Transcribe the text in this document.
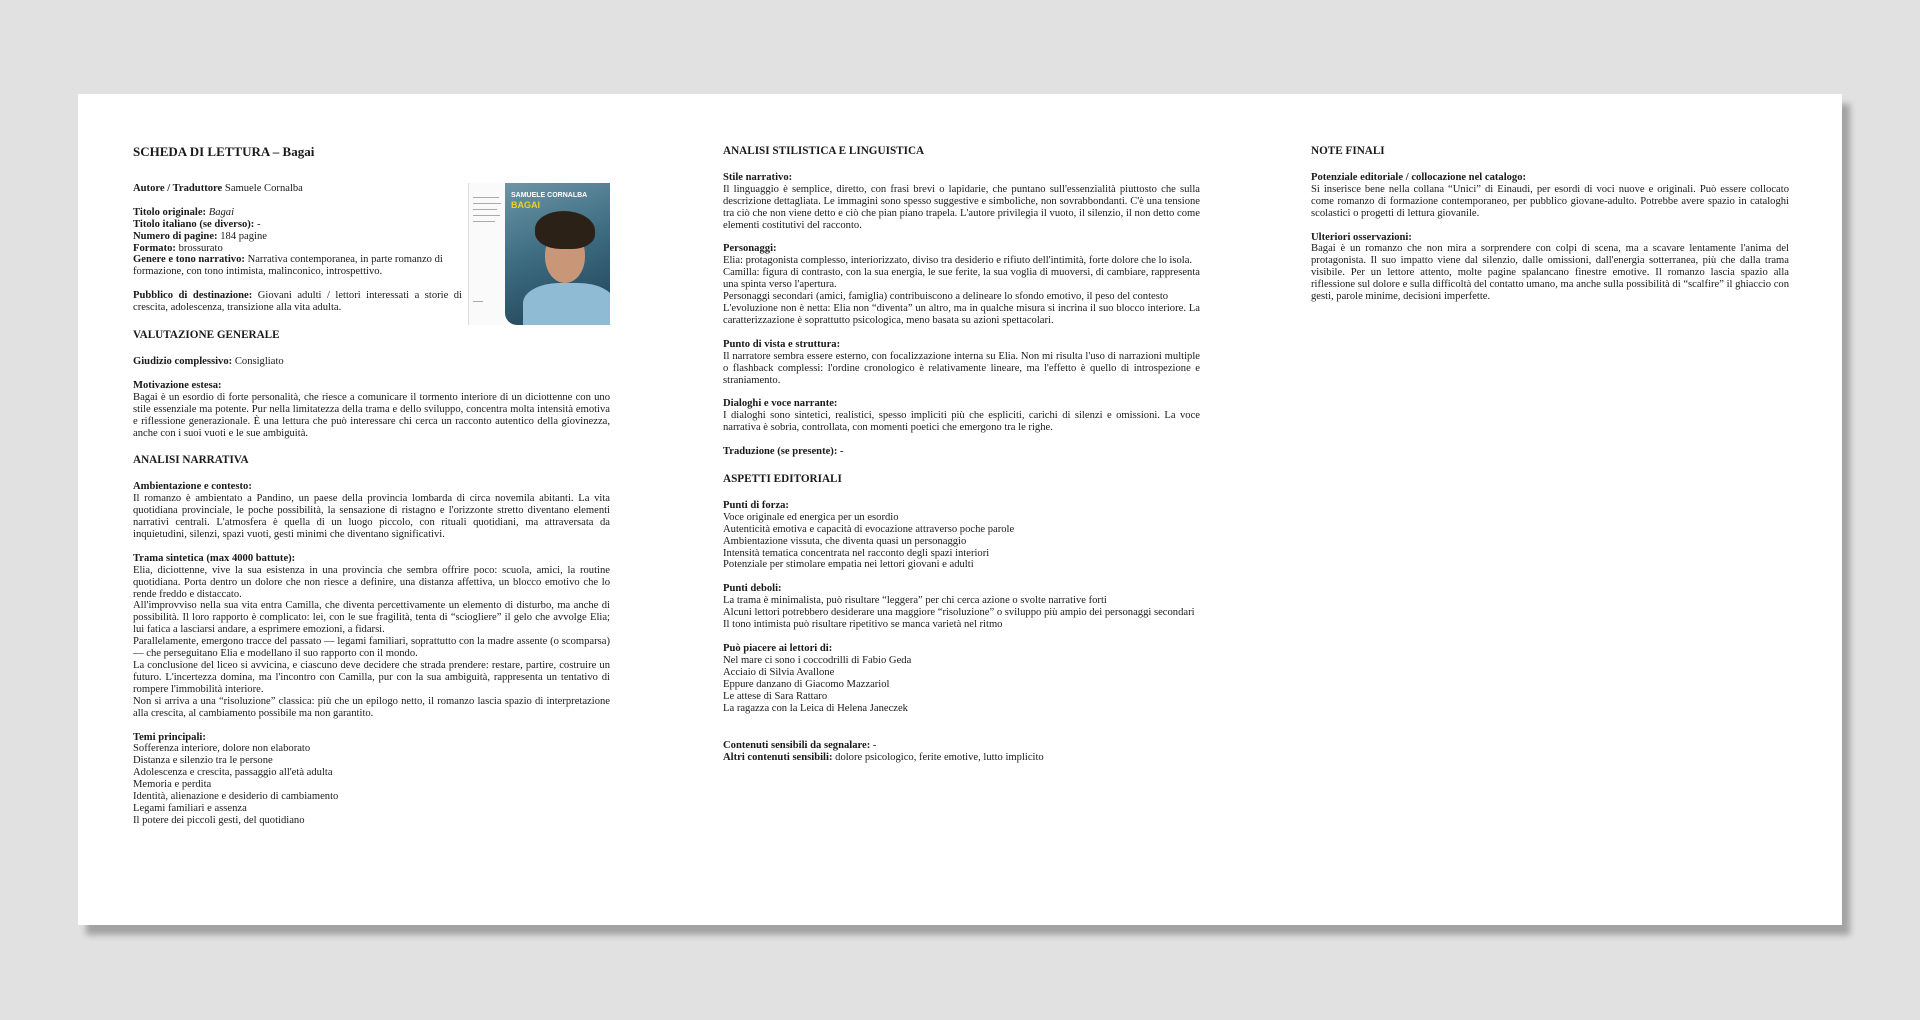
SCHEDA DI LETTURA – Bagai
SAMUELE CORNALBA
BAGAI
Autore / Traduttore Samuele Cornalba
Titolo originale: Bagai
Titolo italiano (se diverso): -
Numero di pagine: 184 pagine
Formato: brossurato
Genere e tono narrativo: Narrativa contemporanea, in parte romanzo di formazione, con tono intimista, malinconico, introspettivo.

Pubblico di destinazione: Giovani adulti / lettori interessati a storie di crescita, adolescenza, transizione alla vita adulta.

VALUTAZIONE GENERALE

Giudizio complessivo: Consigliato

Motivazione estesa:
Bagai è un esordio di forte personalità, che riesce a comunicare il tormento interiore di un diciottenne con uno stile essenziale ma potente. Pur nella limitatezza della trama e dello sviluppo, concentra molta intensità emotiva e riflessione generazionale. È una lettura che può interessare chi cerca un racconto autentico della giovinezza, anche con i suoi vuoti e le sue ambiguità.

ANALISI NARRATIVA

Ambientazione e contesto:
Il romanzo è ambientato a Pandino, un paese della provincia lombarda di circa novemila abitanti. La vita quotidiana provinciale, le poche possibilità, la sensazione di ristagno e l'orizzonte stretto diventano elementi narrativi centrali. L'atmosfera è quella di un luogo piccolo, con rituali quotidiani, ma attraversata da inquietudini, silenzi, spazi vuoti, gesti minimi che diventano significativi.

Trama sintetica (max 4000 battute):
Elia, diciottenne, vive la sua esistenza in una provincia che sembra offrire poco: scuola, amici, la routine quotidiana. Porta dentro un dolore che non riesce a definire, una distanza affettiva, un blocco emotivo che lo rende freddo e distaccato.
All'improvviso nella sua vita entra Camilla, che diventa percettivamente un elemento di disturbo, ma anche di possibilità. Il loro rapporto è complicato: lei, con le sue fragilità, tenta di “sciogliere” il gelo che avvolge Elia; lui fatica a lasciarsi andare, a esprimere emozioni, a fidarsi.
Parallelamente, emergono tracce del passato — legami familiari, soprattutto con la madre assente (o scomparsa) — che perseguitano Elia e modellano il suo rapporto con il mondo.
La conclusione del liceo si avvicina, e ciascuno deve decidere che strada prendere: restare, partire, costruire un futuro. L'incertezza domina, ma l'incontro con Camilla, pur con la sua ambiguità, rappresenta un tentativo di rompere l'immobilità interiore.
Non si arriva a una “risoluzione” classica: più che un epilogo netto, il romanzo lascia spazio di interpretazione alla crescita, al cambiamento possibile ma non garantito.

Temi principali:
Sofferenza interiore, dolore non elaborato
Distanza e silenzio tra le persone
Adolescenza e crescita, passaggio all'età adulta
Memoria e perdita
Identità, alienazione e desiderio di cambiamento
Legami familiari e assenza
Il potere dei piccoli gesti, del quotidiano
ANALISI STILISTICA E LINGUISTICA

Stile narrativo:
Il linguaggio è semplice, diretto, con frasi brevi o lapidarie, che puntano sull'essenzialità piuttosto che sulla descrizione dettagliata. Le immagini sono spesso suggestive e simboliche, non sovrabbondanti. C'è una tensione tra ciò che non viene detto e ciò che pian piano trapela. L'autore privilegia il vuoto, il silenzio, il non detto come elementi costitutivi del racconto.

Personaggi:
Elia: protagonista complesso, interiorizzato, diviso tra desiderio e rifiuto dell'intimità, forte dolore che lo isola.
Camilla: figura di contrasto, con la sua energia, le sue ferite, la sua voglia di muoversi, di cambiare, rappresenta una spinta verso l'apertura.
Personaggi secondari (amici, famiglia) contribuiscono a delineare lo sfondo emotivo, il peso del contesto
L'evoluzione non è netta: Elia non “diventa” un altro, ma in qualche misura si incrina il suo blocco interiore. La caratterizzazione è soprattutto psicologica, meno basata su azioni spettacolari.

Punto di vista e struttura:
Il narratore sembra essere esterno, con focalizzazione interna su Elia. Non mi risulta l'uso di narrazioni multiple o flashback complessi: l'ordine cronologico è relativamente lineare, ma l'effetto è quello di introspezione e straniamento.

Dialoghi e voce narrante:
I dialoghi sono sintetici, realistici, spesso impliciti più che espliciti, carichi di silenzi e omissioni. La voce narrativa è sobria, controllata, con momenti poetici che emergono tra le righe.

Traduzione (se presente): -

ASPETTI EDITORIALI
Punti di forza:
Voce originale ed energica per un esordio
Autenticità emotiva e capacità di evocazione attraverso poche parole
Ambientazione vissuta, che diventa quasi un personaggio
Intensità tematica concentrata nel racconto degli spazi interiori
Potenziale per stimolare empatia nei lettori giovani e adulti
Punti deboli:
La trama è minimalista, può risultare “leggera” per chi cerca azione o svolte narrative forti
Alcuni lettori potrebbero desiderare una maggiore “risoluzione” o sviluppo più ampio dei personaggi secondari
Il tono intimista può risultare ripetitivo se manca varietà nel ritmo
Può piacere ai lettori di:
Nel mare ci sono i coccodrilli di Fabio Geda
Acciaio di Silvia Avallone
Eppure danzano di Giacomo Mazzariol
Le attese di Sara Rattaro
La ragazza con la Leica di Helena Janeczek
Contenuti sensibili da segnalare: -
Altri contenuti sensibili: dolore psicologico, ferite emotive, lutto implicito
NOTE FINALI

Potenziale editoriale / collocazione nel catalogo:
Si inserisce bene nella collana “Unici” di Einaudi, per esordi di voci nuove e originali. Può essere collocato come romanzo di formazione contemporaneo, per pubblico giovane-adulto. Potrebbe avere spazio in cataloghi scolastici o progetti di lettura giovanile.

Ulteriori osservazioni:
Bagai è un romanzo che non mira a sorprendere con colpi di scena, ma a scavare lentamente l'anima del protagonista. Il suo impatto viene dal silenzio, dalle omissioni, dall'energia sotterranea, più che dalla trama visibile. Per un lettore attento, molte pagine spalancano finestre emotive. Il romanzo lascia spazio alla riflessione sul dolore e sulla difficoltà del contatto umano, ma anche sulla possibilità di “scalfire” il ghiaccio con gesti, parole minime, decisioni imperfette.
